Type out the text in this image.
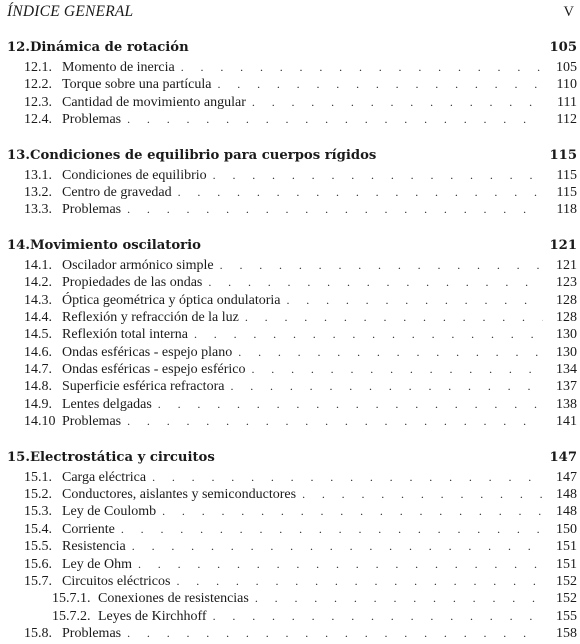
ÍNDICE GENERAL	V
12. Dinámica de rotación	105
12.1. Momento de inercia . . .	105
12.2. Torque sobre una partícula . . .	110
12.3. Cantidad de movimiento angular . . .	111
12.4. Problemas . . .	112
13. Condiciones de equilibrio para cuerpos rígidos	115
13.1. Condiciones de equilibrio . . .	115
13.2. Centro de gravedad . . .	115
13.3. Problemas . . .	118
14. Movimiento oscilatorio	121
14.1. Oscilador armónico simple . . .	121
14.2. Propiedades de las ondas . . .	123
14.3. Óptica geométrica y óptica ondulatoria . . .	128
14.4. Reflexión y refracción de la luz . . .	128
14.5. Reflexión total interna . . .	130
14.6. Ondas esféricas - espejo plano . . .	130
14.7. Ondas esféricas - espejo esférico . . .	134
14.8. Superficie esférica refractora . . .	137
14.9. Lentes delgadas . . .	138
14.10 Problemas . . .	141
15. Electrostática y circuitos	147
15.1. Carga eléctrica . . .	147
15.2. Conductores, aislantes y semiconductores . . .	148
15.3. Ley de Coulomb . . .	148
15.4. Corriente . . .	150
15.5. Resistencia . . .	151
15.6. Ley de Ohm . . .	151
15.7. Circuitos eléctricos . . .	152
15.7.1. Conexiones de resistencias . . .	152
15.7.2. Leyes de Kirchhoff . . .	155
15.8. Problemas . . .	158
